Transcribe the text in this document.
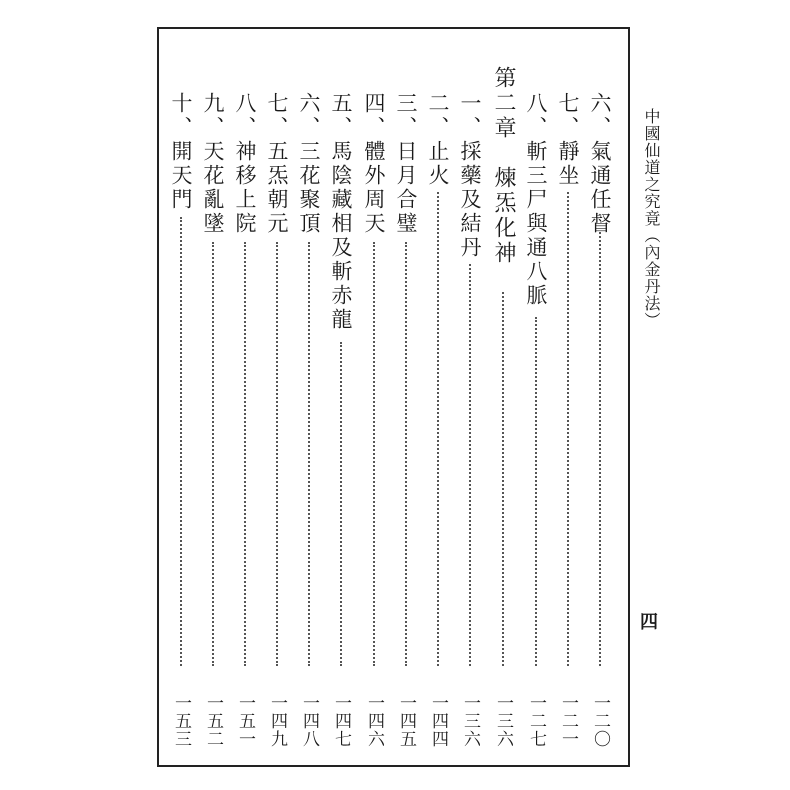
中國仙道之究竟（內金丹法）
四
六、氣通任督
一二〇
七、靜坐
一二一
八、斬三尸與通八脈
一二七
第二章　煉炁化神
一三六
一、採藥及結丹
一三六
二、止火
一四四
三、日月合璧
一四五
四、體外周天
一四六
五、馬陰藏相及斬赤龍
一四七
六、三花聚頂
一四八
七、五炁朝元
一四九
八、神移上院
一五一
九、天花亂墜
一五二
十、開天門
一五三
